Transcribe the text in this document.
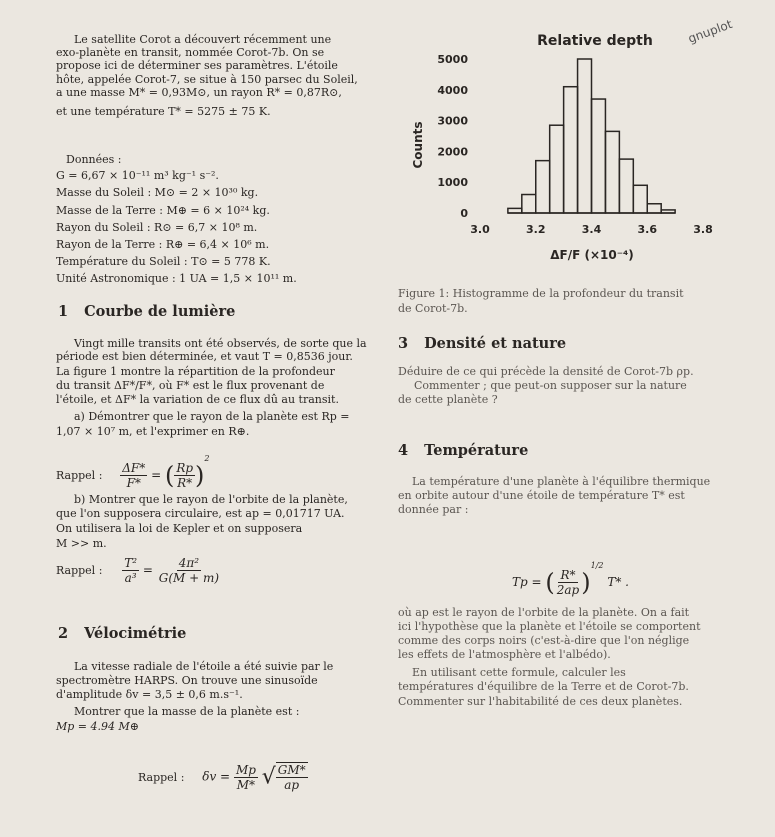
Le satellite Corot a découvert récemment une
exo-planète en transit, nommée Corot-7b. On se
propose ici de déterminer ses paramètres. L'étoile
hôte, appelée Corot-7, se situe à 150 parsec du Soleil,
a une masse M* = 0,93M⊙, un rayon R* = 0,87R⊙,
et une température T* = 5275 ± 75 K.
Données :
G = 6,67 × 10⁻¹¹ m³ kg⁻¹ s⁻².
Masse du Soleil : M⊙ = 2 × 10³⁰ kg.
Masse de la Terre : M⊕ = 6 × 10²⁴ kg.
Rayon du Soleil : R⊙ = 6,7 × 10⁸ m.
Rayon de la Terre : R⊕ = 6,4 × 10⁶ m.
Température du Soleil : T⊙ = 5 778 K.
Unité Astronomique : 1 UA = 1,5 × 10¹¹ m.
1 Courbe de lumière
Vingt mille transits ont été observés, de sorte que la
période est bien déterminée, et vaut T = 0,8536 jour.
La figure 1 montre la répartition de la profondeur
du transit ΔF*/F*, où F* est le flux provenant de
l'étoile, et ΔF* la variation de ce flux dû au transit.
a) Démontrer que le rayon de la planète est Rp =
1,07 × 10⁷ m, et l'exprimer en R⊕.
Rappel : $\frac{\Delta F*}{F*}$ = ( $\frac{Rp}{R*} )^2$
b) Montrer que le rayon de l'orbite de la planète,
que l'on supposera circulaire, est ap = 0,01717 UA.
On utilisera la loi de Kepler et on supposera
M >> m.
Rappel : $\frac{\text{T²}}{\text{a³}} = \frac{\text{4π²}}{G(M + m)}$
2 Vélocimétrie
La vitesse radiale de l'étoile a été suivie par le
spectromètre HARPS. On trouve une sinusoïde
d'amplitude δv = 3,5 ± 0,6 m.s⁻¹.
Montrer que la masse de la planète est :
Mp = 4.94 M⊕
Rappel : $\delta v = \frac{Mp}{M*}$ √ $\frac{GM*}{ap}$
Relative depth
0
1000
2000
3000
4000
5000
3.0	3.2	3.4	3.6	3.8
Counts
ΔF/F (×10⁻⁴)
gnuplot
Figure 1: Histogramme de la profondeur du transit
de Corot-7b.
3 Densité et nature
Déduire de ce qui précède la densité de Corot-7b ρp.
Commenter ; que peut-on supposer sur la nature
de cette planète ?
4 Température
La température d'une planète à l'équilibre thermique
en orbite autour d'une étoile de température T* est
donnée par :
Tp = ( $\frac{R*}{2ap} )^{1/2}$ T* .
où ap est le rayon de l'orbite de la planète. On a fait
ici l'hypothèse que la planète et l'étoile se comportent
comme des corps noirs (c'est-à-dire que l'on néglige
les effets de l'atmosphère et l'albédo).
En utilisant cette formule, calculer les
températures d'équilibre de la Terre et de Corot-7b.
Commenter sur l'habitabilité de ces deux planètes.
